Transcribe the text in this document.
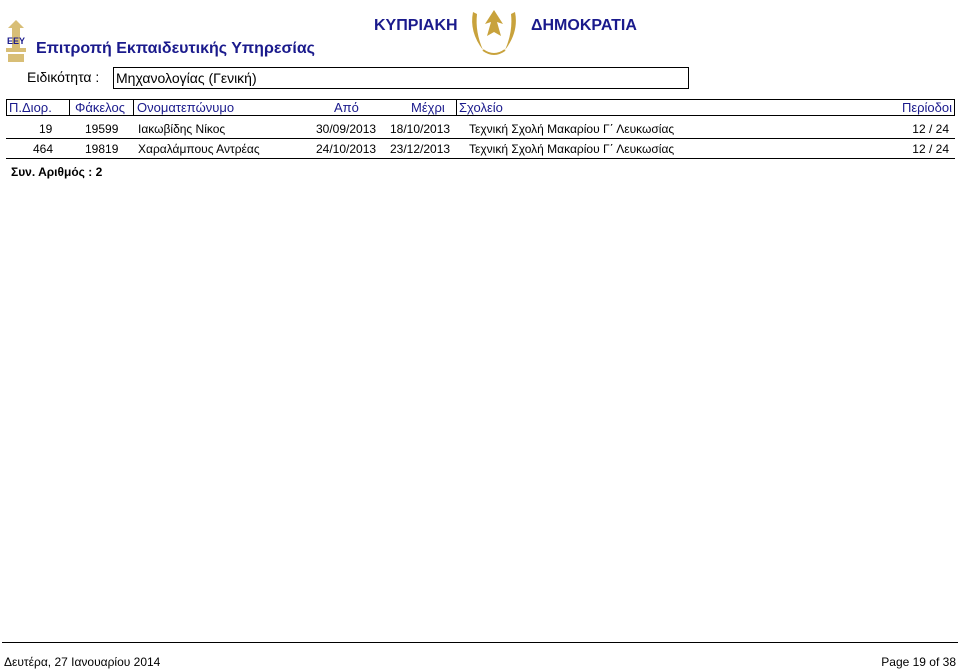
ΕΕΥ Επιτροπή Εκπαιδευτικής Υπηρεσίας
ΚΥΠΡΙΑΚΗ	ΔΗΜΟΚΡΑΤΙΑ
Ειδικότητα : Μηχανολογίας (Γενική)
Π.Διορ. Φάκελος Ονοματεπώνυμο	Από	Μέχρι Σχολείο	Περίοδοι
19	19599 Ιακωβίδης Νίκος	30/09/2013 18/10/2013 Τεχνική Σχολή Μακαρίου Γ΄ Λευκωσίας	12 / 24
464	19819 Χαραλάμπους Αντρέας	24/10/2013 23/12/2013 Τεχνική Σχολή Μακαρίου Γ΄ Λευκωσίας	12 / 24
Συν. Αριθμός : 2
Δευτέρα, 27 Ιανουαρίου 2014	Page 19 of 38
